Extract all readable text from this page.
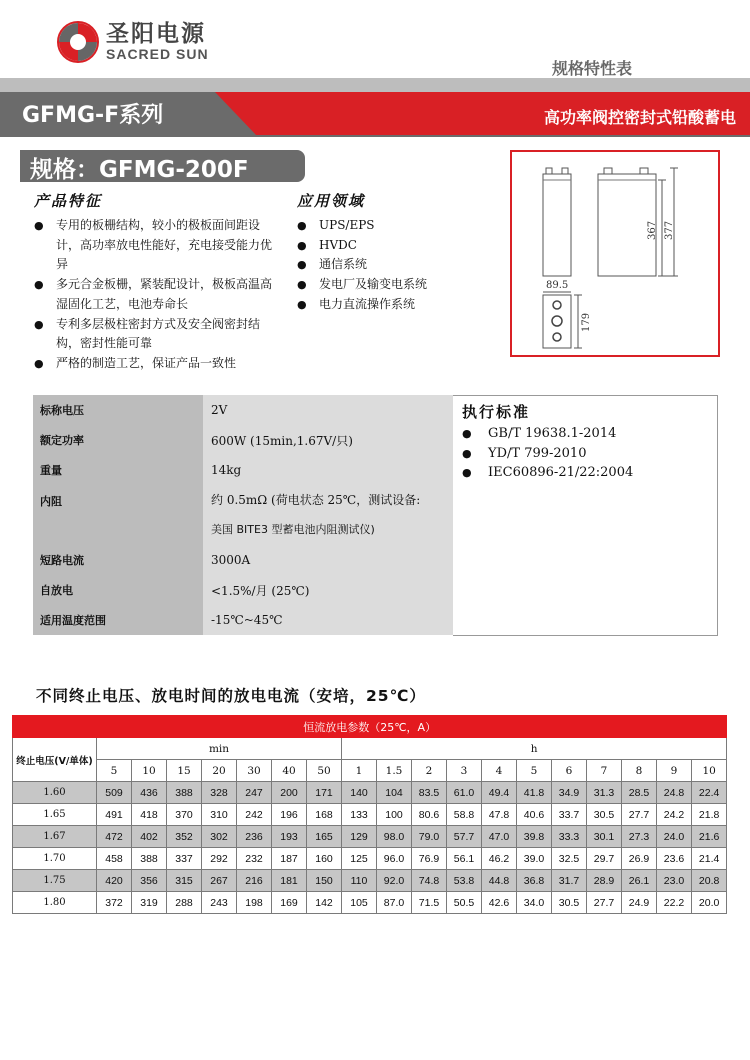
圣阳电源
SACRED SUN
规格特性表
GFMG-F系列	高功率阀控密封式铅酸蓄电
规格：GFMG-200F
产品特征
● 专用的板栅结构，较小的极板面间距设计，高功率放电性能好，充电接受能力优异
● 多元合金板栅，紧装配设计，极板高温高湿固化工艺，电池寿命长
● 专利多层极柱密封方式及安全阀密封结构，密封性能可靠
● 严格的制造工艺，保证产品一致性
应用领域
● UPS/EPS
● HVDC
● 通信系统
● 发电厂及输变电系统
● 电力直流操作系统
367 377
89.5
179
标称电压	2V
额定功率	600W (15min,1.67V/只)
重量	14kg
内阻	约 0.5mΩ (荷电状态 25℃，测试设备:
美国 BITE3 型蓄电池内阻测试仪)

短路电流	3000A
自放电	<1.5%/月 (25℃)
适用温度范围	-15℃~45℃
执行标准
● GB/T 19638.1-2014
● YD/T 799-2010
● IEC60896-21/22:2004
不同终止电压、放电时间的放电电流（安培，25℃）
恒流放电参数（25℃，A）																		
终止电压(V/单体)	min							h										
	5	10	15	20	30	40	50	1	1.5	2	3	4	5	6	7	8	9	10
1.60	509	436	388	328	247	200	171	140	104	83.5	61.0	49.4	41.8	34.9	31.3	28.5	24.8	22.4
1.65	491	418	370	310	242	196	168	133	100	80.6	58.8	47.8	40.6	33.7	30.5	27.7	24.2	21.8
1.67	472	402	352	302	236	193	165	129	98.0	79.0	57.7	47.0	39.8	33.3	30.1	27.3	24.0	21.6
1.70	458	388	337	292	232	187	160	125	96.0	76.9	56.1	46.2	39.0	32.5	29.7	26.9	23.6	21.4
1.75	420	356	315	267	216	181	150	110	92.0	74.8	53.8	44.8	36.8	31.7	28.9	26.1	23.0	20.8
1.80	372	319	288	243	198	169	142	105	87.0	71.5	50.5	42.6	34.0	30.5	27.7	24.9	22.2	20.0
